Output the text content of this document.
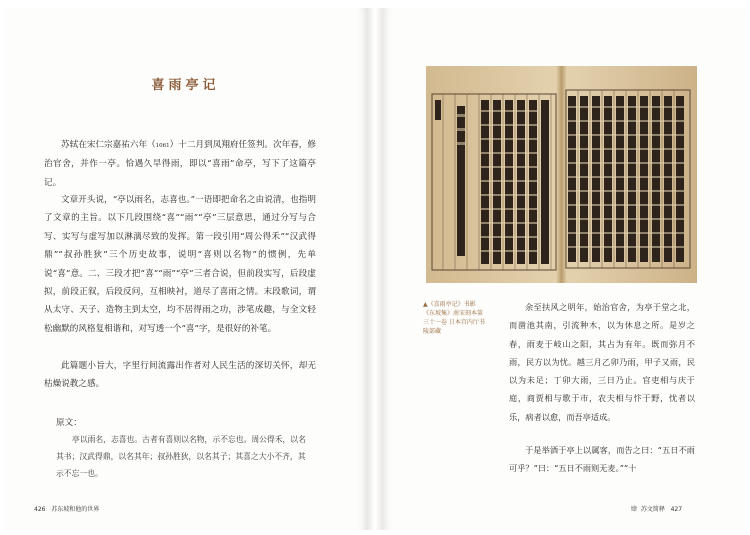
喜雨亭记

苏轼在宋仁宗嘉祐六年（1061）十二月到凤翔府任签判。次年春，修治官舍，并作一亭。恰遇久旱得雨，即以“喜雨”命亭，写下了这篇亭记。

文章开头说，“亭以雨名，志喜也。”一语即把命名之由说清，也指明了文章的主旨。以下几段围绕“喜”“雨”“亭”三层意思，通过分写与合写、实写与虚写加以淋漓尽致的发挥。第一段引用“周公得禾”“汉武得鼎”“叔孙胜狄”三个历史故事，说明“喜则以名物”的惯例，先单说“喜”意。二、三段才把“喜”“雨”“亭”三者合说，但前段实写，后段虚拟，前段正叙，后段反问，互相映衬，道尽了喜雨之情。末段歌词，谓从太守、天子、造物主到太空，均不居得雨之功，涉笔成趣，与全文轻松幽默的风格复相谐和，对写透一个“喜”字，是很好的补笔。

此篇题小旨大，字里行间流露出作者对人民生活的深切关怀，却无枯燥说教之感。

原文：

亭以雨名，志喜也。古者有喜则以名物，示不忘也。周公得禾，以名其书；汉武得鼎，以名其年；叔孙胜狄，以名其子；其喜之大小不齐，其示不忘一也。

426 苏东坡和他的世界

▲《喜雨亭记》书影《东坡集》南宋刻本第三十一卷 日本宫内厅书陵部藏

余至扶风之明年，始治官舍，为亭于堂之北，而凿池其南，引流种木，以为休息之所。是岁之春，雨麦于岐山之阳，其占为有年。既而弥月不雨，民方以为忧。越三月乙卯乃雨，甲子又雨，民以为未足；丁卯大雨，三日乃止。官吏相与庆于庭，商贾相与歌于市，农夫相与忭于野，忧者以乐，病者以愈，而吾亭适成。

于是举酒于亭上以属客，而告之曰：“五日不雨可乎？”曰：“五日不雨则无麦。”“十

肆 苏文简释 427
